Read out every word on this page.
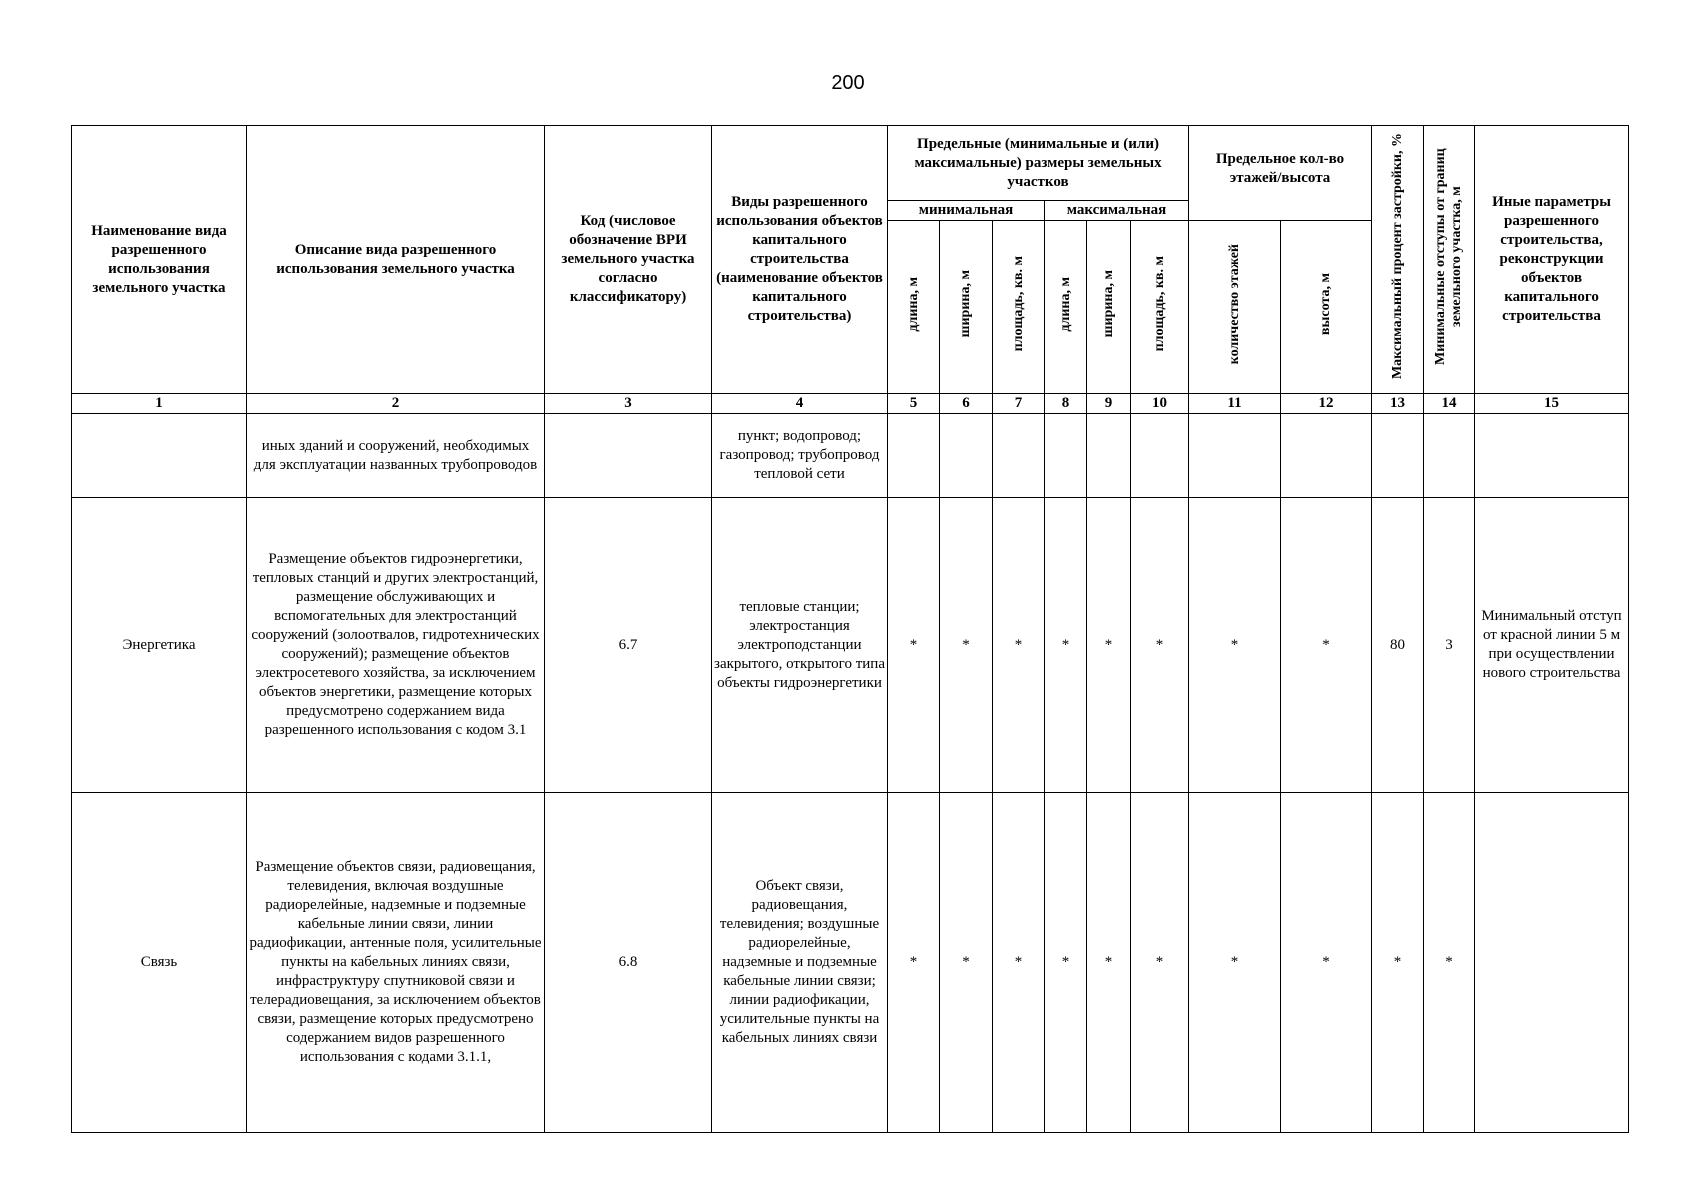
200
Наименование вида разрешенного использования земельного участка	Описание вида разрешенного использования земельного участка	Код (числовое обозначение ВРИ земельного участка согласно классификатору)	Виды разрешенного использования объектов капитального строительства (наименование объектов капитального строительства)	Предельные (минимальные и (или) максимальные) размеры земельных участков						Предельное кол-во этажей/высота		Максимальный процент застройки, %	Минимальные отступы от границ земельного участка, м	Иные параметры разрешенного строительства, реконструкции объектов капитального строительства
				минимальная			максимальная							
				длина, м	ширина, м	площадь, кв. м	длина, м	ширина, м	площадь, кв. м	количество этажей	высота, м			
1	2	3	4	5	6	7	8	9	10	11	12	13	14	15
	иных зданий и сооружений, необходимых для эксплуатации названных трубопроводов		пункт; водопровод; газопровод; трубопровод тепловой сети											
Энергетика	Размещение объектов гидроэнергетики, тепловых станций и других электростанций, размещение обслуживающих и вспомогательных для электростанций сооружений (золоотвалов, гидротехнических сооружений); размещение объектов электросетевого хозяйства, за исключением объектов энергетики, размещение которых предусмотрено содержанием вида разрешенного использования с кодом 3.1	6.7	тепловые станции; электростанция электроподстанции закрытого, открытого типа объекты гидроэнергетики	*	*	*	*	*	*	*	*	80	3	Минимальный отступ от красной линии 5 м при осуществлении нового строительства
Связь	Размещение объектов связи, радиовещания, телевидения, включая воздушные радиорелейные, надземные и подземные кабельные линии связи, линии радиофикации, антенные поля, усилительные пункты на кабельных линиях связи, инфраструктуру спутниковой связи и телерадиовещания, за исключением объектов связи, размещение которых предусмотрено содержанием видов разрешенного использования с кодами 3.1.1,	6.8	Объект связи, радиовещания, телевидения; воздушные радиорелейные, надземные и подземные кабельные линии связи; линии радиофикации, усилительные пункты на кабельных линиях связи	*	*	*	*	*	*	*	*	*	*	
